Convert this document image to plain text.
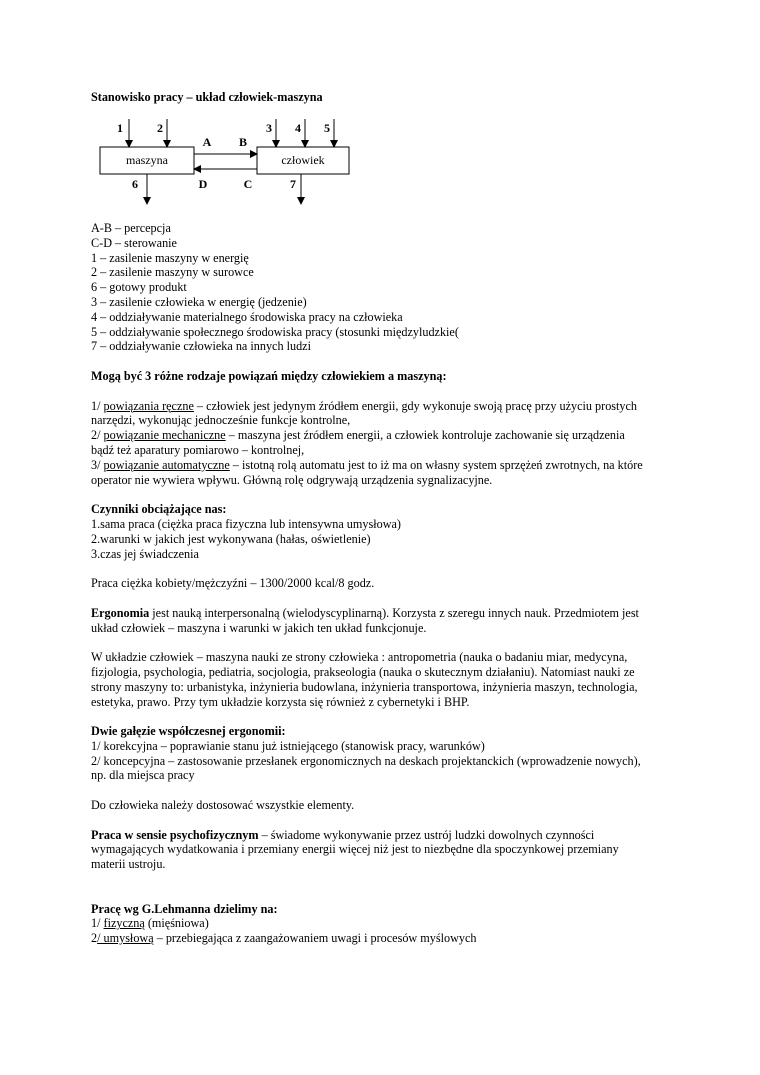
Stanowisko pracy – układ człowiek-maszyna
maszyna	człowiek
1	2	3 4 5
A B
D	C
6	7
A-B – percepcja
C-D – sterowanie
1 – zasilenie maszyny w energię
2 – zasilenie maszyny w surowce
6 – gotowy produkt
3 – zasilenie człowieka w energię (jedzenie)
4 – oddziaływanie materialnego środowiska pracy na człowieka
5 – oddziaływanie społecznego środowiska pracy (stosunki międzyludzkie(
7 – oddziaływanie człowieka na innych ludzi
Mogą być 3 różne rodzaje powiązań między człowiekiem a maszyną:
1/ powiązania ręczne – człowiek jest jedynym źródłem energii, gdy wykonuje swoją pracę przy użyciu prostych
narzędzi, wykonując jednocześnie funkcje kontrolne,
2/ powiązanie mechaniczne – maszyna jest źródłem energii, a człowiek kontroluje zachowanie się urządzenia
bądź też aparatury pomiarowo – kontrolnej,
3/ powiązanie automatyczne – istotną rolą automatu jest to iż ma on własny system sprzężeń zwrotnych, na które
operator nie wywiera wpływu. Główną rolę odgrywają urządzenia sygnalizacyjne.
Czynniki obciążające nas:
1.sama praca (ciężka praca fizyczna lub intensywna umysłowa)
2.warunki w jakich jest wykonywana (hałas, oświetlenie)
3.czas jej świadczenia
Praca ciężka kobiety/mężczyźni – 1300/2000 kcal/8 godz.
Ergonomia jest nauką interpersonalną (wielodyscyplinarną). Korzysta z szeregu innych nauk. Przedmiotem jest
układ człowiek – maszyna i warunki w jakich ten układ funkcjonuje.
W układzie człowiek – maszyna nauki ze strony człowieka : antropometria (nauka o badaniu miar, medycyna,
fizjologia, psychologia, pediatria, socjologia, prakseologia (nauka o skutecznym działaniu). Natomiast nauki ze
strony maszyny to: urbanistyka, inżynieria budowlana, inżynieria transportowa, inżynieria maszyn, technologia,
estetyka, prawo. Przy tym układzie korzysta się również z cybernetyki i BHP.
Dwie gałęzie współczesnej ergonomii:
1/ korekcyjna – poprawianie stanu już istniejącego (stanowisk pracy, warunków)
2/ koncepcyjna – zastosowanie przesłanek ergonomicznych na deskach projektanckich (wprowadzenie nowych),
np. dla miejsca pracy
Do człowieka należy dostosować wszystkie elementy.
Praca w sensie psychofizycznym – świadome wykonywanie przez ustrój ludzki dowolnych czynności
wymagających wydatkowania i przemiany energii więcej niż jest to niezbędne dla spoczynkowej przemiany
materii ustroju.
Pracę wg G.Lehmanna dzielimy na:
1/ fizyczną (mięśniowa)
2/ umysłową – przebiegająca z zaangażowaniem uwagi i procesów myślowych
